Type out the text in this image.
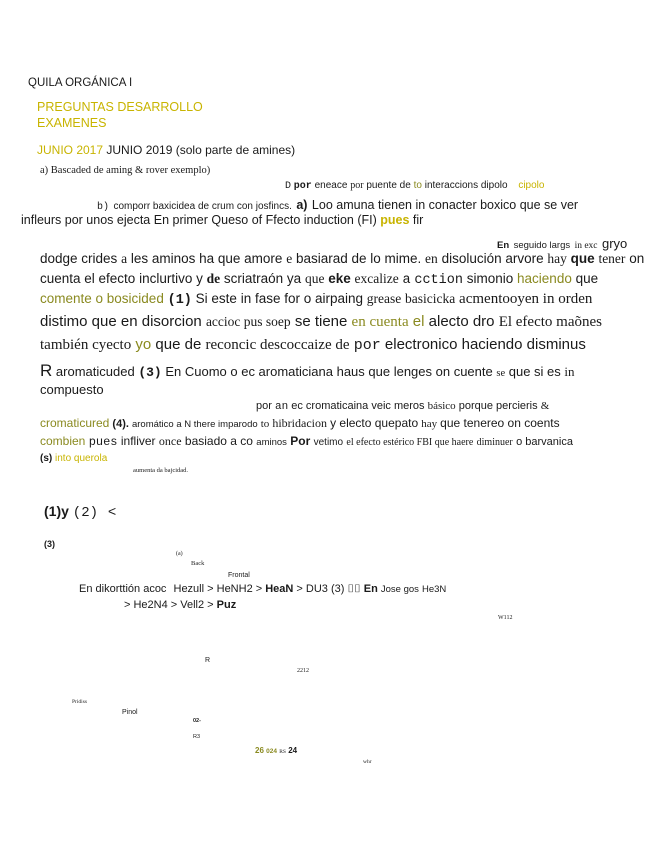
QUILA ORGÁNICA I
PREGUNTAS DESARROLLO
EXAMENES
JUNIO 2017 JUNIO 2019 (solo parte de amines)
a) Bascaded de aming & rover exemplo)
D por eneace por puente de to interaccions dipolo cipolo
b) comporr baxicidea de crum con josfincs. a) Loo amuna tienen in conacter boxico que se ver
infleurs por unos ejecta En primer Queso of Ffecto induction (FI) pues fir
En seguido largs in exc gryo
dodge crides a les aminos ha que amore e basiarad de lo mime. en disolución arvore hay que tener on
cuenta el efecto inclurtivo y de scriatraón ya que eke excalize a cction simonio haciendo que
comente o bosicided (1) Si este in fase for o airpaing grease basicicka acmentooyen in orden
distimo que en disorcion accioc pus soep se tiene en cuenta el alecto dro El efecto maõnes
también cyecto yo que de reconcic descoccaize de por electronico haciendo disminus
R aromaticuded (3) En Cuomo o ec aromaticiana haus que lenges on cuente se que si es in
compuesto
por an ec cromaticaina veic meros básico porque percieris &
cromaticured (4). aromático a N there imparodo to hibridacion y electo quepato hay que tenereo on coents
combien pues infliver once basiado a co aminos Por vetimo el efecto estérico FBI que haere diminuer o barvanica
(s) into querola
aumenta da bajcidad.
(1)y (2) <
(3)
(a)
Back
Frontal
En dikorttión acoc Hezull > HeNH2 > HeaN > DU3 (3) ⌷⌷ En Jose gos He3N
> He2N4 > Vell2 > Puz
W112
R
2212
Pridiss
Pinol
02-
R3
26 024 RS 24
whr
